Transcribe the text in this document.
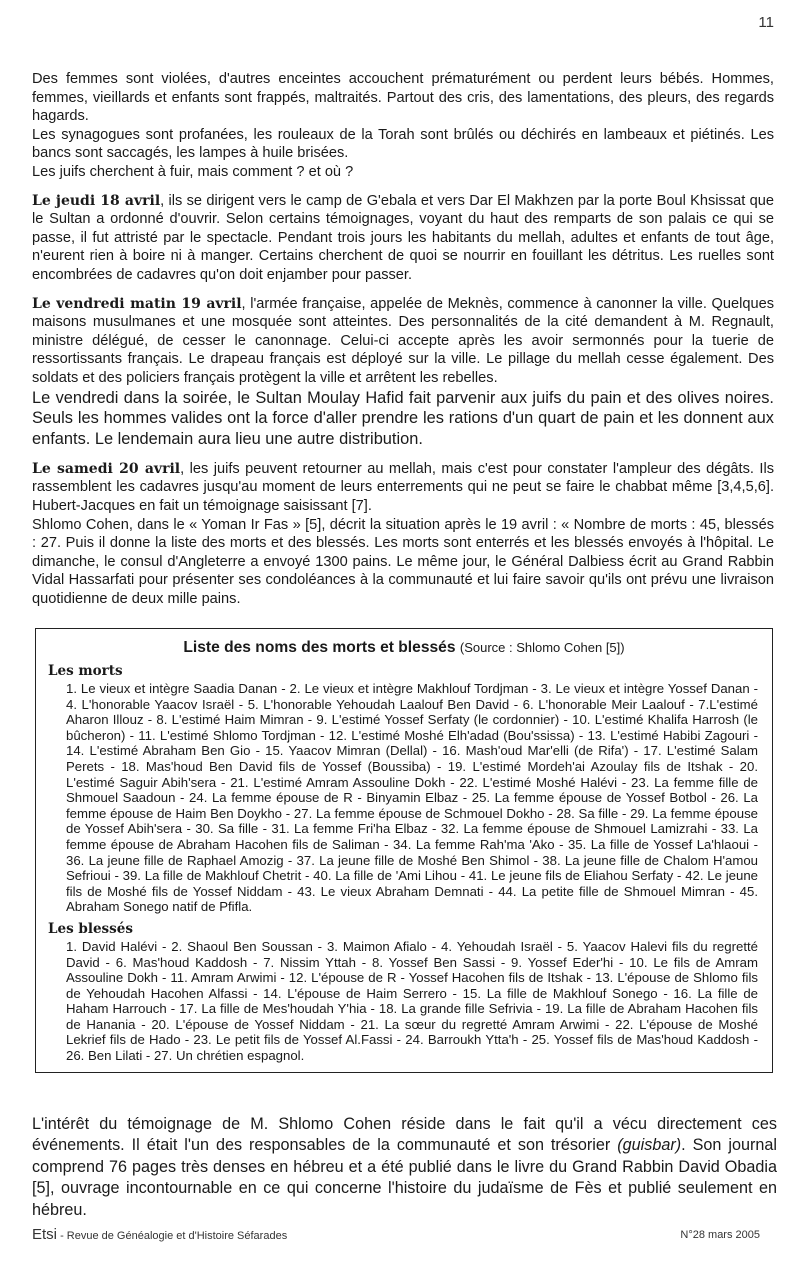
11

Des femmes sont violées, d'autres enceintes accouchent prématurément ou perdent leurs bébés. Hommes, femmes, vieillards et enfants sont frappés, maltraités. Partout des cris, des lamentations, des pleurs, des regards hagards.

Les synagogues sont profanées, les rouleaux de la Torah sont brûlés ou déchirés en lambeaux et piétinés. Les bancs sont saccagés, les lampes à huile brisées.

Les juifs cherchent à fuir, mais comment ? et où ?

Le jeudi 18 avril, ils se dirigent vers le camp de G'ebala et vers Dar El Makhzen par la porte Boul Khsissat que le Sultan a ordonné d'ouvrir. Selon certains témoignages, voyant du haut des remparts de son palais ce qui se passe, il fut attristé par le spectacle. Pendant trois jours les habitants du mellah, adultes et enfants de tout âge, n'eurent rien à boire ni à manger. Certains cherchent de quoi se nourrir en fouillant les détritus. Les ruelles sont encombrées de cadavres qu'on doit enjamber pour passer.

Le vendredi matin 19 avril, l'armée française, appelée de Meknès, commence à canonner la ville. Quelques maisons musulmanes et une mosquée sont atteintes. Des personnalités de la cité demandent à M. Regnault, ministre délégué, de cesser le canonnage. Celui-ci accepte après les avoir sermonnés pour la tuerie de ressortissants français. Le drapeau français est déployé sur la ville. Le pillage du mellah cesse également. Des soldats et des policiers français protègent la ville et arrêtent les rebelles.

Le vendredi dans la soirée, le Sultan Moulay Hafid fait parvenir aux juifs du pain et des olives noires. Seuls les hommes valides ont la force d'aller prendre les rations d'un quart de pain et les donnent aux enfants. Le lendemain aura lieu une autre distribution.

Le samedi 20 avril, les juifs peuvent retourner au mellah, mais c'est pour constater l'ampleur des dégâts. Ils rassemblent les cadavres jusqu'au moment de leurs enterrements qui ne peut se faire le chabbat même [3,4,5,6]. Hubert-Jacques en fait un témoignage saisissant [7].

Shlomo Cohen, dans le « Yoman Ir Fas » [5], décrit la situation après le 19 avril : « Nombre de morts : 45, blessés : 27. Puis il donne la liste des morts et des blessés. Les morts sont enterrés et les blessés envoyés à l'hôpital. Le dimanche, le consul d'Angleterre a envoyé 1300 pains. Le même jour, le Général Dalbiess écrit au Grand Rabbin Vidal Hassarfati pour présenter ses condoléances à la communauté et lui faire savoir qu'ils ont prévu une livraison quotidienne de deux mille pains.

Liste des noms des morts et blessés (Source : Shlomo Cohen [5])
Les morts

1. Le vieux et intègre Saadia Danan - 2. Le vieux et intègre Makhlouf Tordjman - 3. Le vieux et intègre Yossef Danan - 4. L'honorable Yaacov Israël - 5. L'honorable Yehoudah Laalouf Ben David - 6. L'honorable Meir Laalouf - 7.L'estimé Aharon Illouz - 8. L'estimé Haim Mimran - 9. L'estimé Yossef Serfaty (le cordonnier) - 10. L'estimé Khalifa Harrosh (le bûcheron) - 11. L'estimé Shlomo Tordjman - 12. L'estimé Moshé Elh'adad (Bou'ssissa) - 13. L'estimé Habibi Zagouri - 14. L'estimé Abraham Ben Gio - 15. Yaacov Mimran (Dellal) - 16. Mash'oud Mar'elli (de Rifa') - 17. L'estimé Salam Perets - 18. Mas'houd Ben David fils de Yossef (Boussiba) - 19. L'estimé Mordeh'ai Azoulay fils de Itshak - 20. L'estimé Saguir Abih'sera - 21. L'estimé Amram Assouline Dokh - 22. L'estimé Moshé Halévi - 23. La femme fille de Shmouel Saadoun - 24. La femme épouse de R - Binyamin Elbaz - 25. La femme épouse de Yossef Botbol - 26. La femme épouse de Haim Ben Doykho - 27. La femme épouse de Schmouel Dokho - 28. Sa fille - 29. La femme épouse de Yossef Abih'sera - 30. Sa fille - 31. La femme Fri'ha Elbaz - 32. La femme épouse de Shmouel Lamizrahi - 33. La femme épouse de Abraham Hacohen fils de Saliman - 34. La femme Rah'ma 'Ako - 35. La fille de Yossef La'hlaoui - 36. La jeune fille de Raphael Amozig - 37. La jeune fille de Moshé Ben Shimol - 38. La jeune fille de Chalom H'amou Sefrioui - 39. La fille de Makhlouf Chetrit - 40. La fille de 'Ami Lihou - 41. Le jeune fils de Eliahou Serfaty - 42. Le jeune fils de Moshé fils de Yossef Niddam - 43. Le vieux Abraham Demnati - 44. La petite fille de Shmouel Mimran - 45. Abraham Sonego natif de Pfifla.

Les blessés

1. David Halévi - 2. Shaoul Ben Soussan - 3. Maimon Afialo - 4. Yehoudah Israël - 5. Yaacov Halevi fils du regretté David - 6. Mas'houd Kaddosh - 7. Nissim Yttah - 8. Yossef Ben Sassi - 9. Yossef Eder'hi - 10. Le fils de Amram Assouline Dokh - 11. Amram Arwimi - 12. L'épouse de R - Yossef Hacohen fils de Itshak - 13. L'épouse de Shlomo fils de Yehoudah Hacohen Alfassi - 14. L'épouse de Haim Serrero - 15. La fille de Makhlouf Sonego - 16. La fille de Haham Harrouch - 17. La fille de Mes'houdah Y'hia - 18. La grande fille Sefrivia - 19. La fille de Abraham Hacohen fils de Hanania - 20. L'épouse de Yossef Niddam - 21. La sœur du regretté Amram Arwimi - 22. L'épouse de Moshé Lekrief fils de Hado - 23. Le petit fils de Yossef Al.Fassi - 24. Barroukh Ytta'h - 25. Yossef fils de Mas'houd Kaddosh - 26. Ben Lilati - 27. Un chrétien espagnol.

L'intérêt du témoignage de M. Shlomo Cohen réside dans le fait qu'il a vécu directement ces événements. Il était l'un des responsables de la communauté et son trésorier (guisbar). Son journal comprend 76 pages très denses en hébreu et a été publié dans le livre du Grand Rabbin David Obadia [5], ouvrage incontournable en ce qui concerne l'histoire du judaïsme de Fès et publié seulement en hébreu.
Etsi - Revue de Généalogie et d'Histoire Séfarades	N°28 mars 2005
